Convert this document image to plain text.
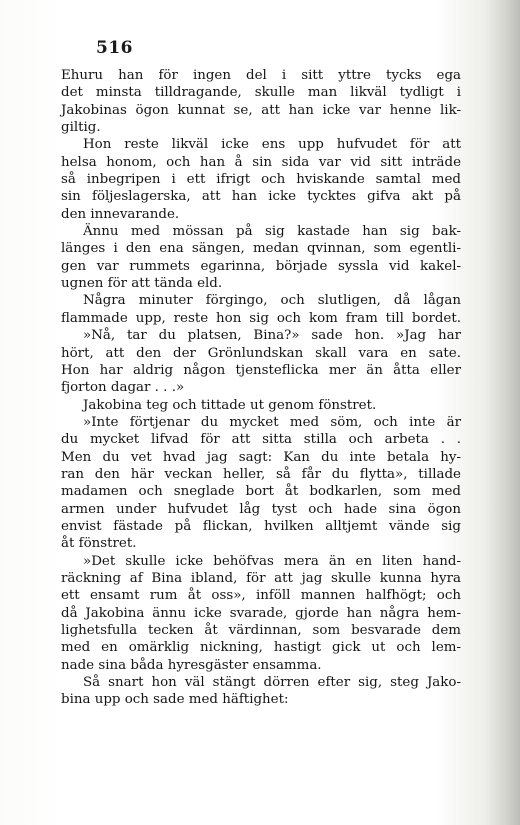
516
Ehuru han för ingen del i sitt yttre tycks ega
det minsta tilldragande, skulle man likväl tydligt i
Jakobinas ögon kunnat se, att han icke var henne lik-
giltig.
Hon reste likväl icke ens upp hufvudet för att
helsa honom, och han å sin sida var vid sitt inträde
så inbegripen i ett ifrigt och hviskande samtal med
sin följeslagerska, att han icke tycktes gifva akt på
den innevarande.
Ännu med mössan på sig kastade han sig bak-
länges i den ena sängen, medan qvinnan, som egentli-
gen var rummets egarinna, började syssla vid kakel-
ugnen för att tända eld.
Några minuter förgingo, och slutligen, då lågan
flammade upp, reste hon sig och kom fram till bordet.
»Nå, tar du platsen, Bina?» sade hon. »Jag har
hört, att den der Grönlundskan skall vara en sate.
Hon har aldrig någon tjensteflicka mer än åtta eller
fjorton dagar . . .»
Jakobina teg och tittade ut genom fönstret.
»Inte förtjenar du mycket med söm, och inte är
du mycket lifvad för att sitta stilla och arbeta . .
Men du vet hvad jag sagt: Kan du inte betala hy-
ran den här veckan heller, så får du flytta», tillade
madamen och sneglade bort åt bodkarlen, som med
armen under hufvudet låg tyst och hade sina ögon
envist fästade på flickan, hvilken alltjemt vände sig
åt fönstret.
»Det skulle icke behöfvas mera än en liten hand-
räckning af Bina ibland, för att jag skulle kunna hyra
ett ensamt rum åt oss», inföll mannen halfhögt; och
då Jakobina ännu icke svarade, gjorde han några hem-
lighetsfulla tecken åt värdinnan, som besvarade dem
med en omärklig nickning, hastigt gick ut och lem-
nade sina båda hyresgäster ensamma.
Så snart hon väl stängt dörren efter sig, steg Jako-
bina upp och sade med häftighet:
